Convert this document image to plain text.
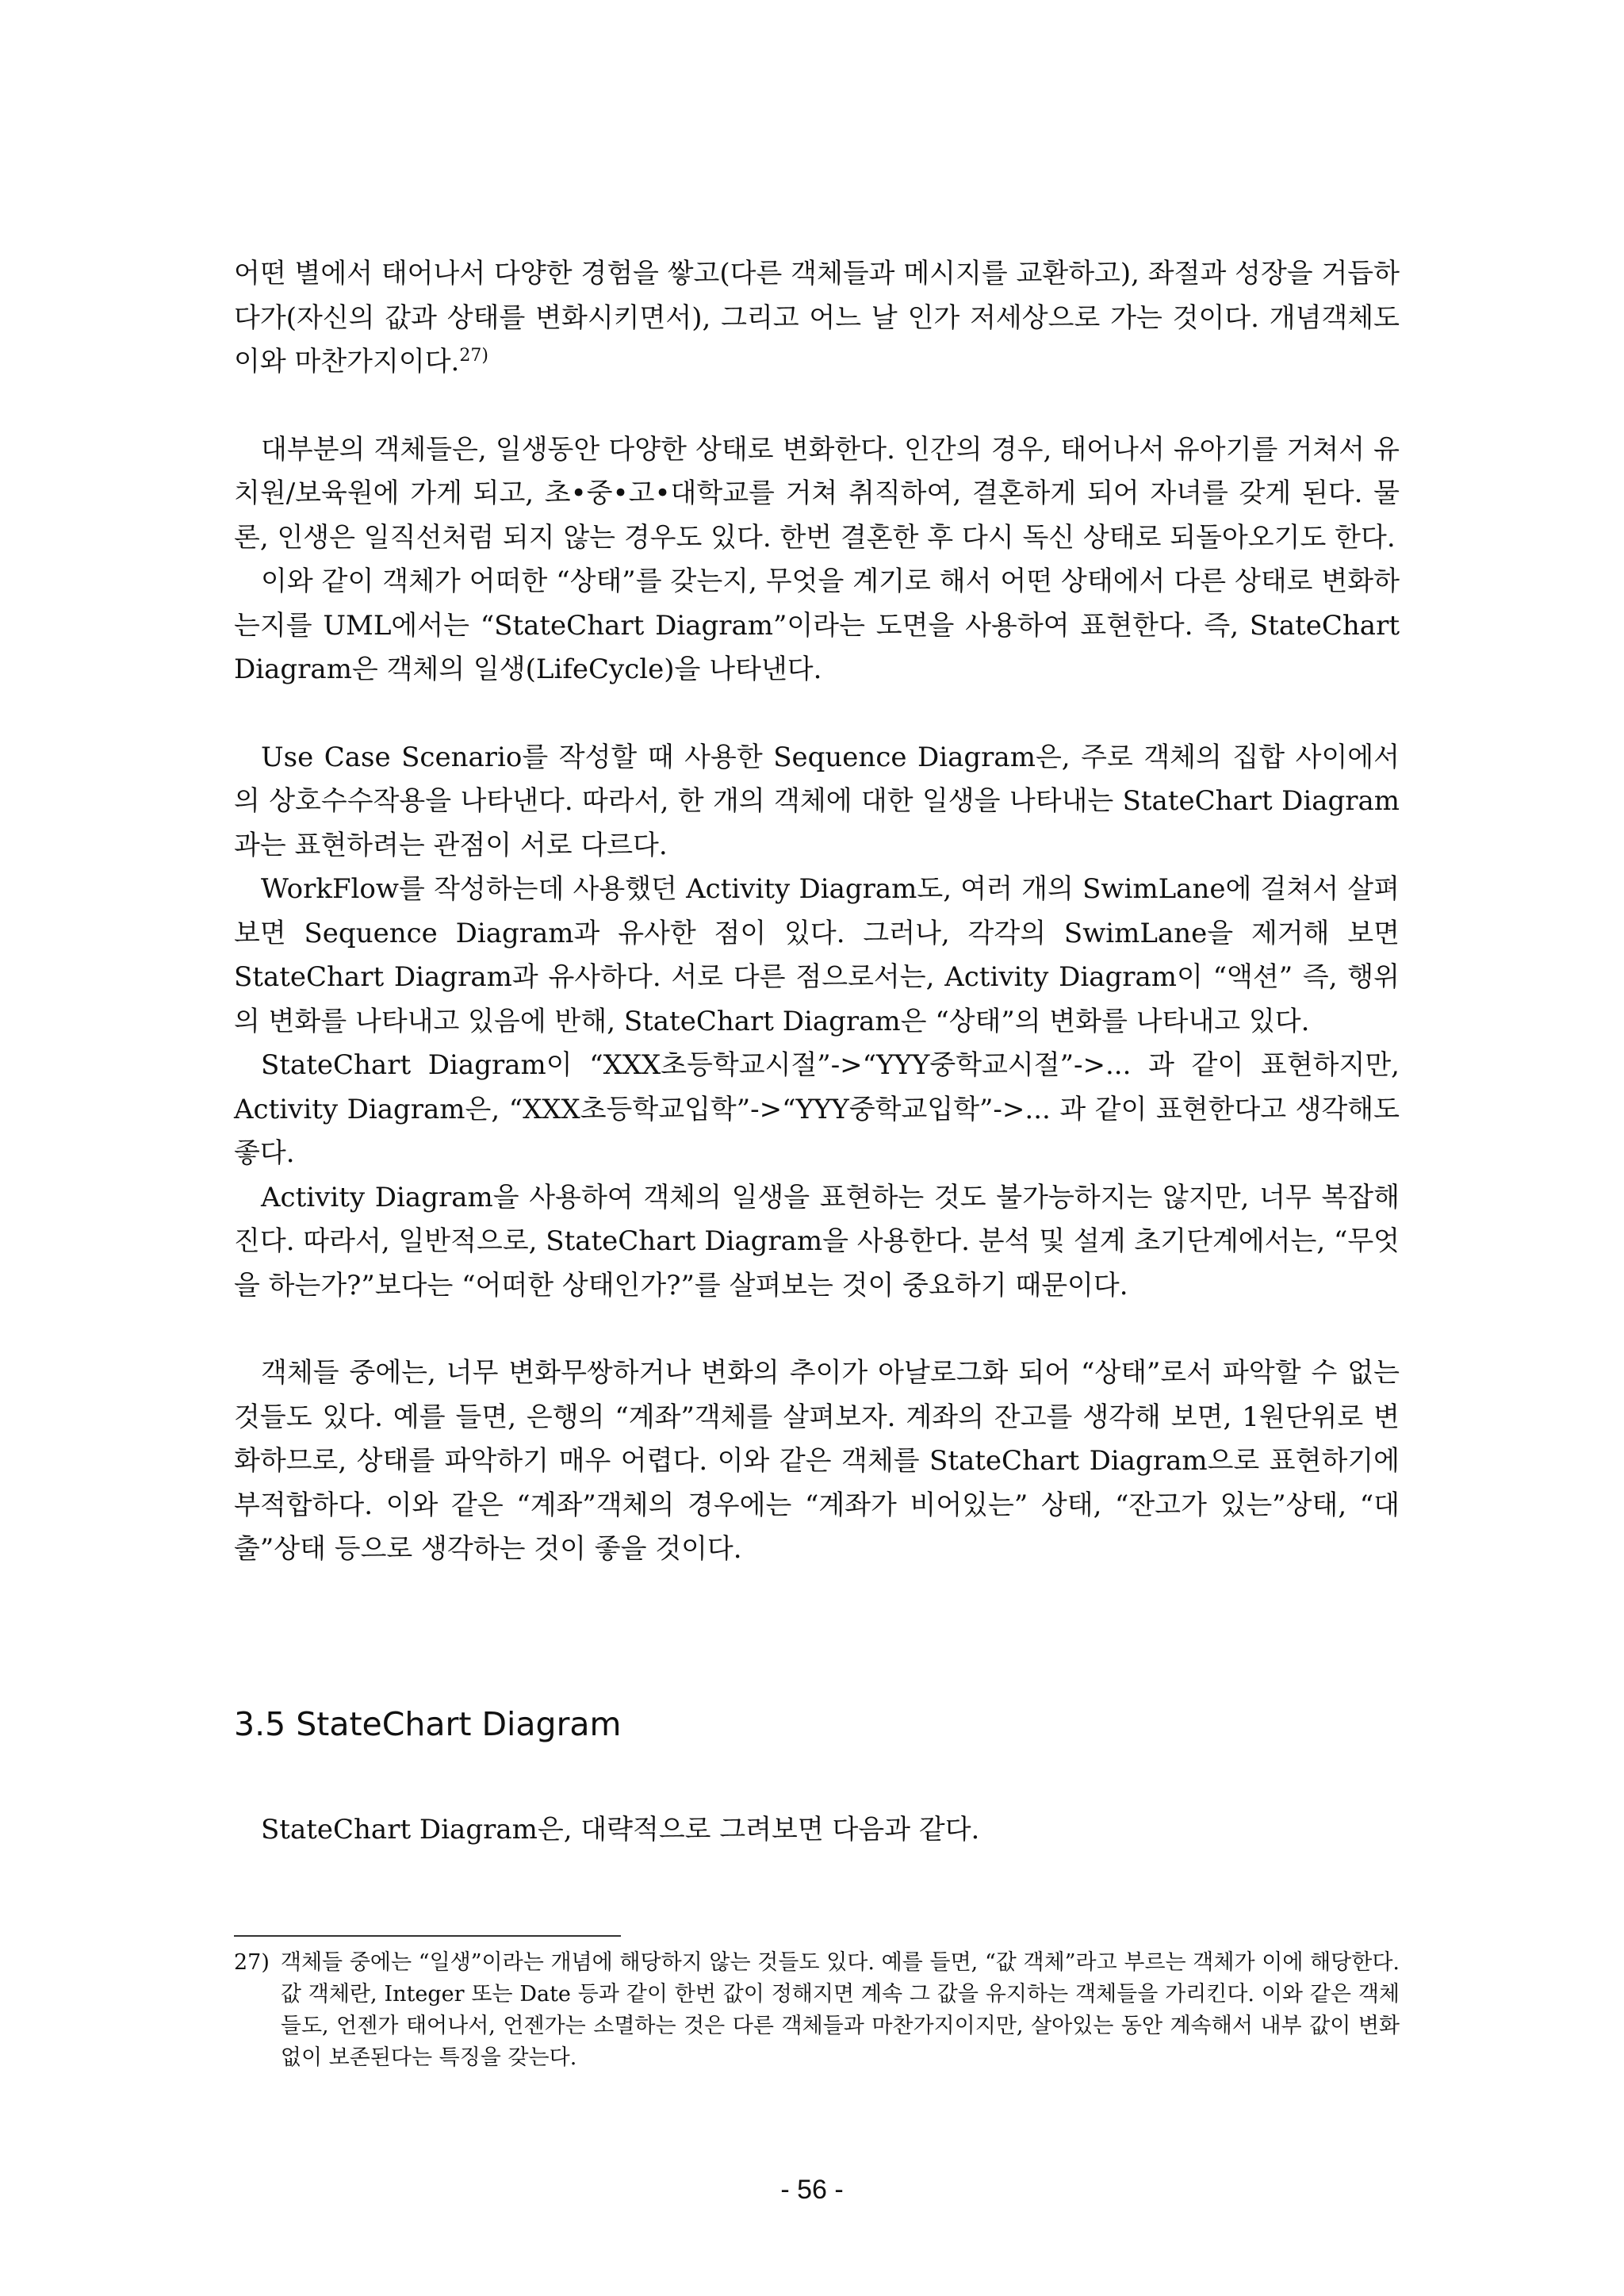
어떤 별에서 태어나서 다양한 경험을 쌓고(다른 객체들과 메시지를 교환하고), 좌절과 성장을 거듭하다가(자신의 값과 상태를 변화시키면서), 그리고 어느 날 인가 저세상으로 가는 것이다. 개념객체도 이와 마찬가지이다.$^{27)}$

대부분의 객체들은, 일생동안 다양한 상태로 변화한다. 인간의 경우, 태어나서 유아기를 거쳐서 유치원/보육원에 가게 되고, 초•중•고•대학교를 거쳐 취직하여, 결혼하게 되어 자녀를 갖게 된다. 물론, 인생은 일직선처럼 되지 않는 경우도 있다. 한번 결혼한 후 다시 독신 상태로 되돌아오기도 한다.

이와 같이 객체가 어떠한 “상태”를 갖는지, 무엇을 계기로 해서 어떤 상태에서 다른 상태로 변화하는지를 UML에서는 “StateChart Diagram”이라는 도면을 사용하여 표현한다. 즉, StateChart Diagram은 객체의 일생(LifeCycle)을 나타낸다.

Use Case Scenario를 작성할 때 사용한 Sequence Diagram은, 주로 객체의 집합 사이에서의 상호수수작용을 나타낸다. 따라서, 한 개의 객체에 대한 일생을 나타내는 StateChart Diagram과는 표현하려는 관점이 서로 다르다.

WorkFlow를 작성하는데 사용했던 Activity Diagram도, 여러 개의 SwimLane에 걸쳐서 살펴보면 Sequence Diagram과 유사한 점이 있다. 그러나, 각각의 SwimLane을 제거해 보면 StateChart Diagram과 유사하다. 서로 다른 점으로서는, Activity Diagram이 “액션” 즉, 행위의 변화를 나타내고 있음에 반해, StateChart Diagram은 “상태”의 변화를 나타내고 있다.

StateChart Diagram이 “XXX초등학교시절”->“YYY중학교시절”->... 과 같이 표현하지만, Activity Diagram은, “XXX초등학교입학”->“YYY중학교입학”->... 과 같이 표현한다고 생각해도 좋다.

Activity Diagram을 사용하여 객체의 일생을 표현하는 것도 불가능하지는 않지만, 너무 복잡해진다. 따라서, 일반적으로, StateChart Diagram을 사용한다. 분석 및 설계 초기단계에서는, “무엇을 하는가?”보다는 “어떠한 상태인가?”를 살펴보는 것이 중요하기 때문이다.

객체들 중에는, 너무 변화무쌍하거나 변화의 추이가 아날로그화 되어 “상태”로서 파악할 수 없는 것들도 있다. 예를 들면, 은행의 “계좌”객체를 살펴보자. 계좌의 잔고를 생각해 보면, 1원단위로 변화하므로, 상태를 파악하기 매우 어렵다. 이와 같은 객체를 StateChart Diagram으로 표현하기에 부적합하다. 이와 같은 “계좌”객체의 경우에는 “계좌가 비어있는” 상태, “잔고가 있는”상태, “대출”상태 등으로 생각하는 것이 좋을 것이다.

3.5 StateChart Diagram

StateChart Diagram은, 대략적으로 그려보면 다음과 같다.

27) 객체들 중에는 “일생”이라는 개념에 해당하지 않는 것들도 있다. 예를 들면, “값 객체”라고 부르는 객체가 이에 해당한다. 값 객체란, Integer 또는 Date 등과 같이 한번 값이 정해지면 계속 그 값을 유지하는 객체들을 가리킨다. 이와 같은 객체들도, 언젠가 태어나서, 언젠가는 소멸하는 것은 다른 객체들과 마찬가지이지만, 살아있는 동안 계속해서 내부 값이 변화 없이 보존된다는 특징을 갖는다.
- 56 -
